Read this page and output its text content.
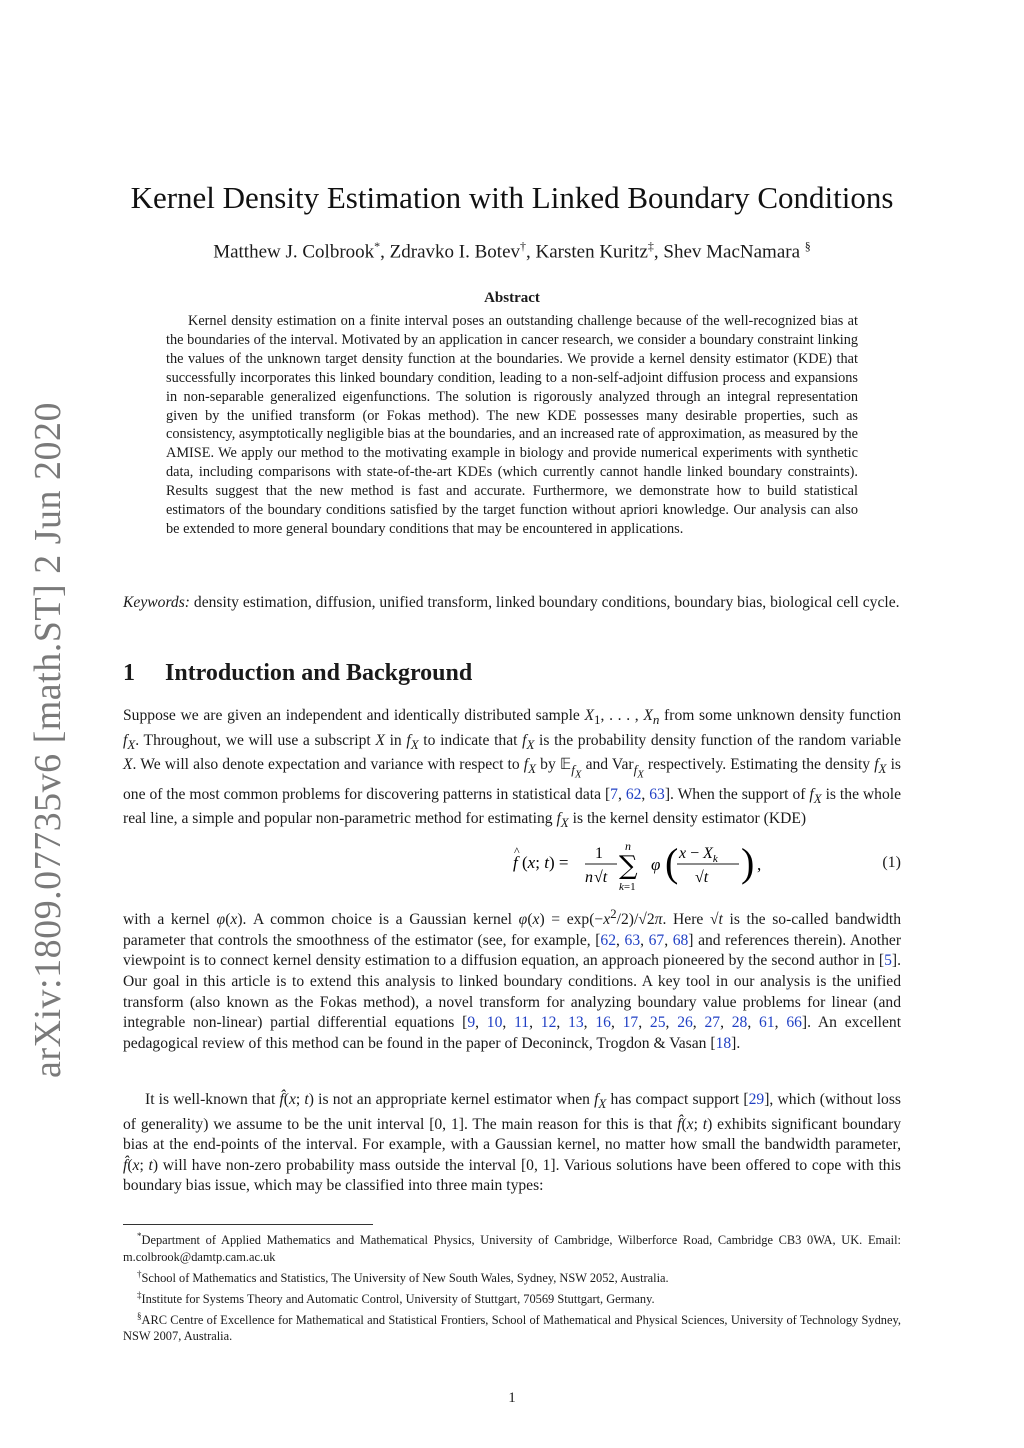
arXiv:1809.07735v6 [math.ST] 2 Jun 2020
Kernel Density Estimation with Linked Boundary Conditions
Matthew J. Colbrook*, Zdravko I. Botev†, Karsten Kuritz‡, Shev MacNamara §
Abstract
Kernel density estimation on a finite interval poses an outstanding challenge because of the well-recognized bias at the boundaries of the interval. Motivated by an application in cancer research, we consider a boundary constraint linking the values of the unknown target density function at the boundaries. We provide a kernel density estimator (KDE) that successfully incorporates this linked boundary condition, leading to a non-self-adjoint diffusion process and expansions in non-separable generalized eigenfunctions. The solution is rigorously analyzed through an integral representation given by the unified transform (or Fokas method). The new KDE possesses many desirable properties, such as consistency, asymptotically negligible bias at the boundaries, and an increased rate of approximation, as measured by the AMISE. We apply our method to the motivating example in biology and provide numerical experiments with synthetic data, including comparisons with state-of-the-art KDEs (which currently cannot handle linked boundary constraints). Results suggest that the new method is fast and accurate. Furthermore, we demonstrate how to build statistical estimators of the boundary conditions satisfied by the target function without apriori knowledge. Our analysis can also be extended to more general boundary conditions that may be encountered in applications.
Keywords: density estimation, diffusion, unified transform, linked boundary conditions, boundary bias, biological cell cycle.
1 Introduction and Background
Suppose we are given an independent and identically distributed sample $X_1$, . . . , $X_n$ from some unknown density function $f_X$. Throughout, we will use a subscript X in $f_X$ to indicate that $f_X$ is the probability density function of the random variable X. We will also denote expectation and variance with respect to $f_X$ by 𝔼$_{f_X}$ and Var$_{f_X}$ respectively. Estimating the density $f_X$ is one of the most common problems for discovering patterns in statistical data [7, 62, 63]. When the support of $f_X$ is the whole real line, a simple and popular non-parametric method for estimating $f_X$ is the kernel density estimator (KDE)
f
^
(x; t) = 1
n √t
n
∑
k=1
φ ( $x - X_k$
√t ) ,	(1)
with a kernel φ(x). A common choice is a Gaussian kernel $\varphi(x) = \exp(-x^2/2)/√2\pi$. Here √t is the so-called bandwidth parameter that controls the smoothness of the estimator (see, for example, [62, 63, 67, 68] and references therein). Another viewpoint is to connect kernel density estimation to a diffusion equation, an approach pioneered by the second author in [5]. Our goal in this article is to extend this analysis to linked boundary conditions. A key tool in our analysis is the unified transform (also known as the Fokas method), a novel transform for analyzing boundary value problems for linear (and integrable non-linear) partial differential equations [9, 10, 11, 12, 13, 16, 17, 25, 26, 27, 28, 61, 66]. An excellent pedagogical review of this method can be found in the paper of Deconinck, Trogdon & Vasan [18].
It is well-known that f̂(x; t) is not an appropriate kernel estimator when $f_X$ has compact support [29], which (without loss of generality) we assume to be the unit interval [0, 1]. The main reason for this is that f̂(x; t) exhibits significant boundary bias at the end-points of the interval. For example, with a Gaussian kernel, no matter how small the bandwidth parameter, f̂(x; t) will have non-zero probability mass outside the interval [0, 1]. Various solutions have been offered to cope with this boundary bias issue, which may be classified into three main types:

*Department of Applied Mathematics and Mathematical Physics, University of Cambridge, Wilberforce Road, Cambridge CB3 0WA, UK. Email: m.colbrook@damtp.cam.ac.uk

†School of Mathematics and Statistics, The University of New South Wales, Sydney, NSW 2052, Australia.

‡Institute for Systems Theory and Automatic Control, University of Stuttgart, 70569 Stuttgart, Germany.

§ARC Centre of Excellence for Mathematical and Statistical Frontiers, School of Mathematical and Physical Sciences, University of Technology Sydney, NSW 2007, Australia.

1
